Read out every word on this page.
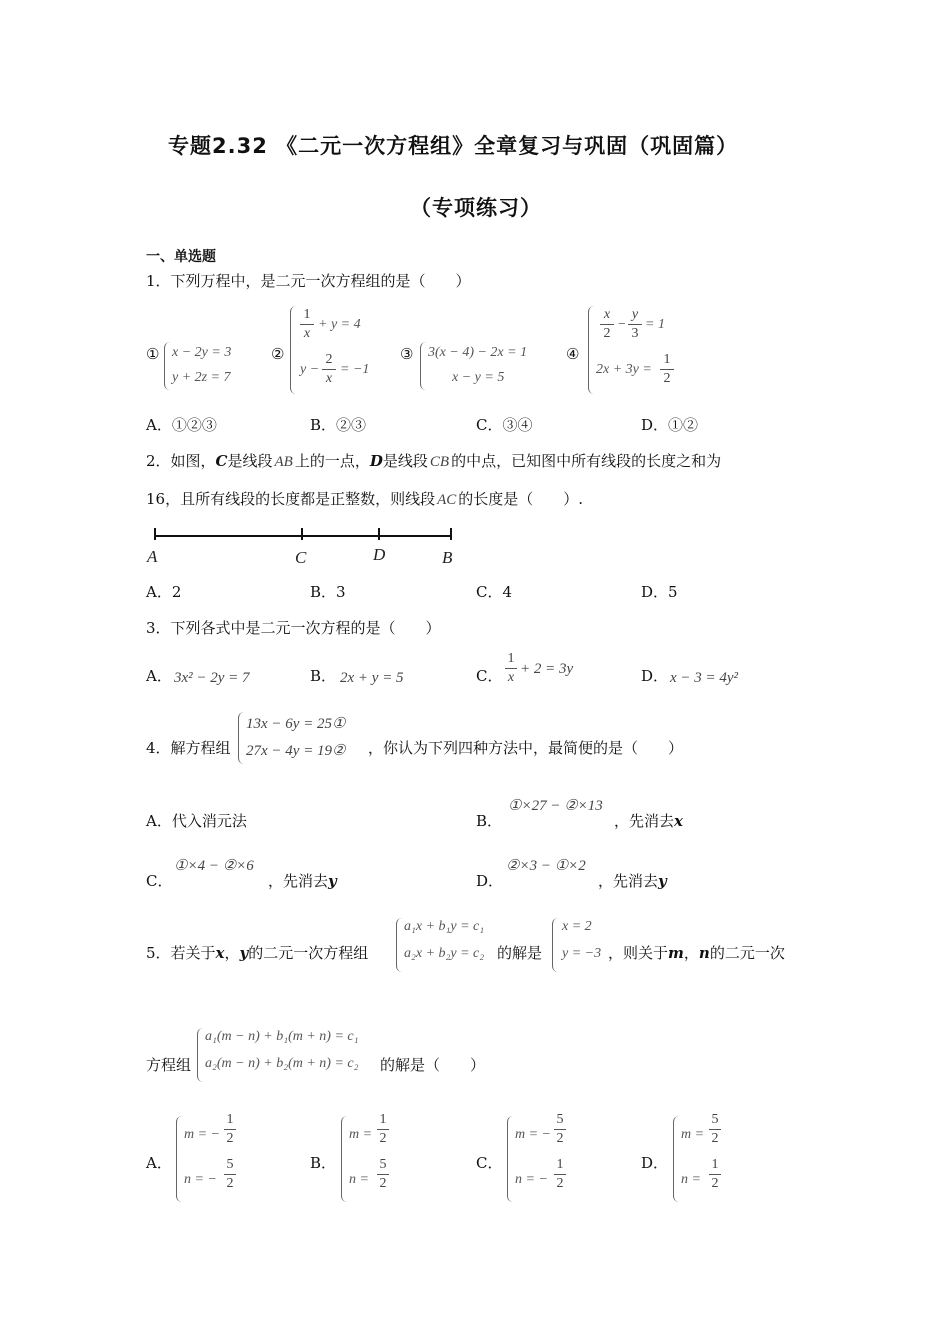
专题2.32 《二元一次方程组》全章复习与巩固（巩固篇）
（专项练习）
一、单选题
1．下列万程中，是二元一次方程组的是（　　）
① x − 2y = 3
y + 2z = 7
②
1
x
+ y = 4
y −
2
x
= −1
③ 3(x − 4) − 2x = 1
x − y = 5
④
x
2
−
y
3
= 1
2x + 3y =
1
2
A．①②③	B．②③	C．③④	D．①②
2．如图，C是线段 AB 上的一点，D是线段 CB 的中点，已知图中所有线段的长度之和为
16，且所有线段的长度都是正整数，则线段 AC 的长度是（　　）.
A	C	D	B
A．2	B．3	C．4	D．5
3．下列各式中是二元一次方程的是（　　）
A． 3x² − 2y = 7	B． 2x + y = 5	C．
1
x
+ 2 = 3y	D． x − 3 = 4y²
4．解方程组
13x − 6y = 25①
27x − 4y = 19② ，你认为下列四种方法中，最简便的是（　　）
A．代入消元法	B．
①×27 − ②×13
，先消去x
C．
①×4 − ②×6
，先消去y	D．
②×3 − ①×2
，先消去y
5．若关于x，y的二元一次方程组
a₁x + b₁y = c₁
a₂x + b₂y = c₂ 的解是
x = 2
y = −3 ，则关于m，n的二元一次
方程组
a₁(m − n) + b₁(m + n) = c₁
a₂(m − n) + b₂(m + n) = c₂ 的解是（　　）
A．
m = −
1
2
n = −
5
2
B．
m =
1
2
n =
5
2
C．
m = −
5
2
n = −
1
2
D．
m =
5
2
n =
1
2
